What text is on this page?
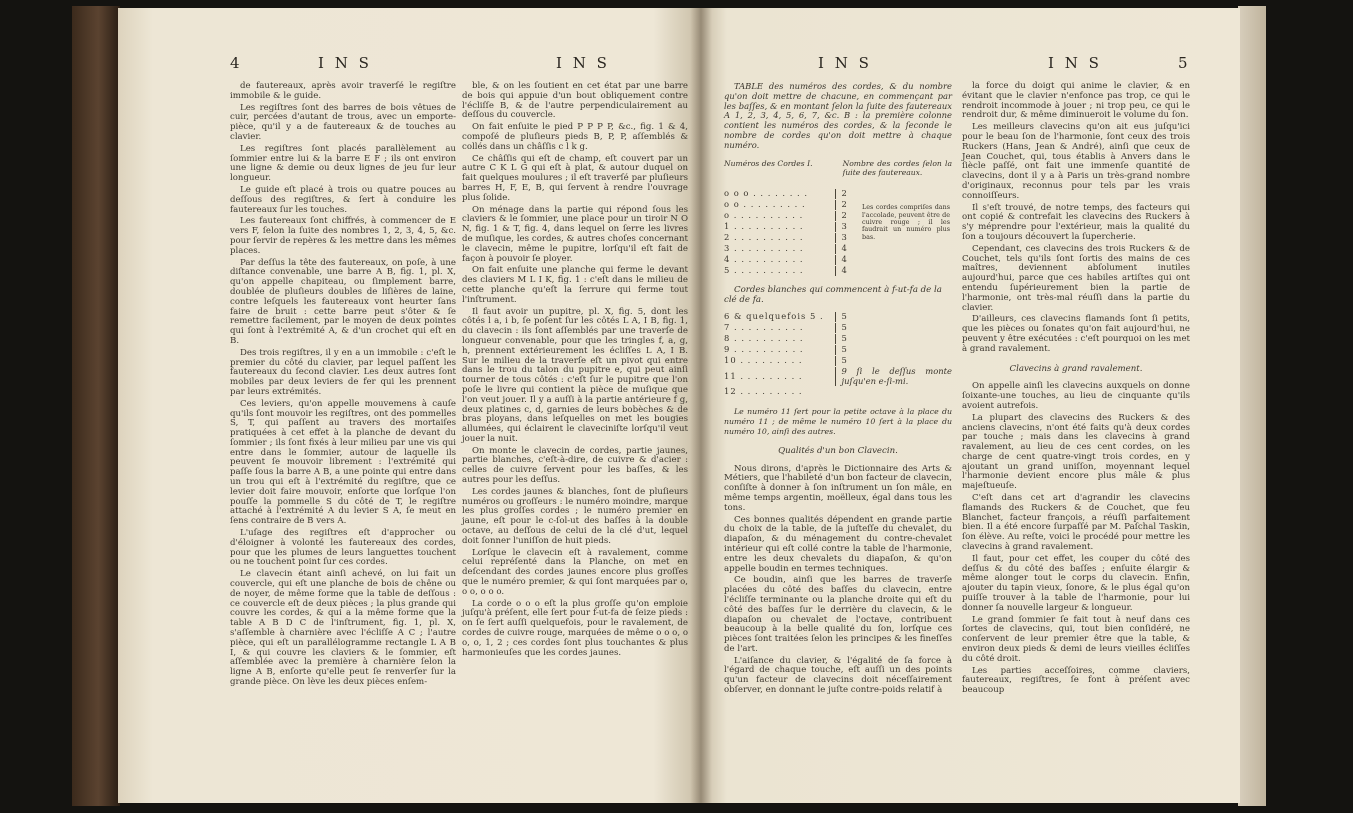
4	I N S	I N S

de fautereaux, après avoir traverſé le regiſtre immobile & le guide.

Les regiſtres ſont des barres de bois vêtues de cuir, percées d'autant de trous, avec un emporte-pièce, qu'il y a de fautereaux & de touches au clavier.

Les regiſtres ſont placés parallèlement au ſommier entre lui & la barre E F ; ils ont environ une ligne & demie ou deux lignes de jeu ſur leur longueur.

Le guide eſt placé à trois ou quatre pouces au deſſous des regiſtres, & ſert à conduire les fautereaux ſur les touches.

Les fautereaux ſont chiffrés, à commencer de E vers F, ſelon la ſuite des nombres 1, 2, 3, 4, 5, &c. pour ſervir de repères & les mettre dans les mêmes places.

Par deſſus la tête des fautereaux, on poſe, à une diſtance convenable, une barre A B, fig. 1, pl. X, qu'on appelle chapiteau, ou ſimplement barre, doublée de pluſieurs doubles de liſières de laine, contre leſquels les fautereaux vont heurter ſans faire de bruit : cette barre peut s'ôter & ſe remettre facilement, par le moyen de deux pointes qui ſont à l'extrémité A, & d'un crochet qui eſt en B.

Des trois regiſtres, il y en a un immobile : c'eſt le premier du côté du clavier, par lequel paſſent les fautereaux du ſecond clavier. Les deux autres ſont mobiles par deux leviers de fer qui les prennent par leurs extrémités.

Ces leviers, qu'on appelle mouvemens à cauſe qu'ils ſont mouvoir les regiſtres, ont des pommelles S, T, qui paſſent au travers des mortaiſes pratiquées à cet effet à la planche de devant du ſommier ; ils ſont fixés à leur milieu par une vis qui entre dans le ſommier, autour de laquelle ils peuvent ſe mouvoir librement : l'extrémité qui paſſe ſous la barre A B, a une pointe qui entre dans un trou qui eſt à l'extrémité du regiſtre, que ce levier doit faire mouvoir, enſorte que lorſque l'on pouſſe la pommelle S du côté de T, le regiſtre attaché à l'extrémité A du levier S A, ſe meut en ſens contraire de B vers A.

L'uſage des regiſtres eſt d'approcher ou d'éloigner à volonté les fautereaux des cordes, pour que les plumes de leurs languettes touchent ou ne touchent point ſur ces cordes.

Le clavecin étant ainſi achevé, on lui fait un couvercle, qui eſt une planche de bois de chêne ou de noyer, de même forme que la table de deſſous : ce couvercle eſt de deux pièces ; la plus grande qui couvre les cordes, & qui a la même forme que la table A B D C de l'inſtrument, fig. 1, pl. X, s'aſſemble à charnière avec l'écliſſe A C ; l'autre pièce, qui eſt un parallélogramme rectangle L A B I, & qui couvre les claviers & le ſommier, eſt aſſemblée avec la première à charnière ſelon la ligne A B, enſorte qu'elle peut ſe renverſer ſur la grande pièce. On lève les deux pièces enſem-

ble, & on les ſoutient en cet état par une barre de bois qui appuie d'un bout obliquement contre l'écliſſe B, & de l'autre perpendiculairement au deſſous du couvercle.

On fait enſuite le pied P P P P, &c., fig. 1 & 4, compoſé de pluſieurs pieds B, P, P, aſſemblés & collés dans un châſſis c l k g.

Ce châſſis qui eſt de champ, eſt couvert par un autre C K L G qui eſt à plat, & autour duquel on fait quelques moulures ; il eſt traverſé par pluſieurs barres H, F, E, B, qui ſervent à rendre l'ouvrage plus ſolide.

On ménage dans la partie qui répond ſous les claviers & le ſommier, une place pour un tiroir N O N, fig. 1 & T, fig. 4, dans lequel on ſerre les livres de muſique, les cordes, & autres choſes concernant le clavecin, même le pupitre, lorſqu'il eſt fait de façon à pouvoir ſe ployer.

On fait enſuite une planche qui ferme le devant des claviers M L I K, fig. 1 : c'eſt dans le milieu de cette planche qu'eſt la ſerrure qui ferme tout l'inſtrument.

Il faut avoir un pupitre, pl. X, fig. 5, dont les côtés l a, i b, ſe poſent ſur les côtés L A, I B, fig. 1, du clavecin : ils ſont aſſemblés par une traverſe de longueur convenable, pour que les tringles f, a, g, h, prennent extérieurement les écliſſes L A, I B. Sur le milieu de la traverſe eſt un pivot qui entre dans le trou du talon du pupitre e, qui peut ainſi tourner de tous côtés : c'eſt ſur le pupitre que l'on poſe le livre qui contient la pièce de muſique que l'on veut jouer. Il y a auſſi à la partie antérieure f g, deux platines c, d, garnies de leurs bobèches & de bras ployans, dans leſquelles on met les bougies allumées, qui éclairent le claveciniſte lorſqu'il veut jouer la nuit.

On monte le clavecin de cordes, partie jaunes, partie blanches, c'eſt-à-dire, de cuivre & d'acier : celles de cuivre ſervent pour les baſſes, & les autres pour les deſſus.

Les cordes jaunes & blanches, ſont de pluſieurs numéros ou groſſeurs : le numéro moindre, marque les plus groſſes cordes ; le numéro premier en jaune, eſt pour le c-ſol-ut des baſſes à la double octave, au deſſous de celui de la clé d'ut, lequel doit ſonner l'uniſſon de huit pieds.

Lorſque le clavecin eſt à ravalement, comme celui repréſenté dans la Planche, on met en deſcendant des cordes jaunes encore plus groſſes que le numéro premier, & qui ſont marquées par o, o o, o o o.

La corde o o o eſt la plus groſſe qu'on emploie juſqu'à préſent, elle ſert pour f-ut-fa de ſeize pieds : on ſe ſert auſſi quelquefois, pour le ravalement, de cordes de cuivre rouge, marquées de même o o o, o o, o, 1, 2 ; ces cordes ſont plus touchantes & plus harmonieuſes que les cordes jaunes.

I N S	I N S	5
TABLE des numéros des cordes, & du nombre qu'on doit mettre de chacune, en commençant par les baſſes, & en montant ſelon la ſuite des fautereaux A 1, 2, 3, 4, 5, 6, 7, &c. B : la première colonne contient les numéros des cordes, & la ſeconde le nombre de cordes qu'on doit mettre à chaque numéro.
Numéros des Cordes I.	Nombre des cordes ſelon la ſuite des fautereaux.
o o o . . . . . . . .	2
o o . . . . . . . . .	2
o . . . . . . . . . .	2
1 . . . . . . . . . .	3
2 . . . . . . . . . .	3
3 . . . . . . . . . .	4
4 . . . . . . . . . .	4
5 . . . . . . . . . .	4
Les cordes compriſes dans l'accolade, peuvent être de cuivre rouge ; il les faudrait un numéro plus bas.
Cordes blanches qui commencent à f-ut-fa de la clé de fa.
6 & quelquefois 5 .	5
7 . . . . . . . . . .	5
8 . . . . . . . . . .	5
9 . . . . . . . . . .	5
10 . . . . . . . . .	5
11 . . . . . . . . .	9 ſi le deſſus monte juſqu'en e-ſi-mi.
12 . . . . . . . . .

Le numéro 11 ſert pour la petite octave à la place du numéro 11 ; de même le numéro 10 ſert à la place du numéro 10, ainſi des autres.

Qualités d'un bon Clavecin.

Nous dirons, d'après le Dictionnaire des Arts & Métiers, que l'habileté d'un bon facteur de clavecin, conſiſte à donner à ſon inſtrument un ſon mâle, en même temps argentin, moëlleux, égal dans tous les tons.

Ces bonnes qualités dépendent en grande partie du choix de la table, de la juſteſſe du chevalet, du diapaſon, & du ménagement du contre-chevalet intérieur qui eſt collé contre la table de l'harmonie, entre les deux chevalets du diapaſon, & qu'on appelle boudin en termes techniques.

Ce boudin, ainſi que les barres de traverſe placées du côté des baſſes du clavecin, entre l'écliſſe terminante ou la planche droite qui eſt du côté des baſſes ſur le derrière du clavecin, & le diapaſon ou chevalet de l'octave, contribuent beaucoup à la belle qualité du ſon, lorſque ces pièces ſont traitées ſelon les principes & les fineſſes de l'art.

L'aiſance du clavier, & l'égalité de ſa force à l'égard de chaque touche, eſt auſſi un des points qu'un facteur de clavecins doit néceſſairement obſerver, en donnant le juſte contre-poids relatif à

la force du doigt qui anime le clavier, & en évitant que le clavier n'enfonce pas trop, ce qui le rendroit incommode à jouer ; ni trop peu, ce qui le rendroit dur, & même diminueroit le volume du ſon.

Les meilleurs clavecins qu'on ait eus juſqu'ici pour le beau ſon de l'harmonie, ſont ceux des trois Ruckers (Hans, Jean & André), ainſi que ceux de Jean Couchet, qui, tous établis à Anvers dans le ſiècle paſſé, ont fait une immenſe quantité de clavecins, dont il y a à Paris un très-grand nombre d'originaux, reconnus pour tels par les vrais connoiſſeurs.

Il s'eſt trouvé, de notre temps, des facteurs qui ont copié & contrefait les clavecins des Ruckers à s'y méprendre pour l'extérieur, mais la qualité du ſon a toujours découvert la ſupercherie.

Cependant, ces clavecins des trois Ruckers & de Couchet, tels qu'ils ſont ſortis des mains de ces maîtres, deviennent abſolument inutiles aujourd'hui, parce que ces habiles artiſtes qui ont entendu ſupérieurement bien la partie de l'harmonie, ont très-mal réuſſi dans la partie du clavier.

D'ailleurs, ces clavecins flamands ſont ſi petits, que les pièces ou ſonates qu'on fait aujourd'hui, ne peuvent y être exécutées : c'eſt pourquoi on les met à grand ravalement.

Clavecins à grand ravalement.

On appelle ainſi les clavecins auxquels on donne ſoixante-une touches, au lieu de cinquante qu'ils avoient autrefois.

La plupart des clavecins des Ruckers & des anciens clavecins, n'ont été faits qu'à deux cordes par touche ; mais dans les clavecins à grand ravalement, au lieu de ces cent cordes, on les charge de cent quatre-vingt trois cordes, en y ajoutant un grand uniſſon, moyennant lequel l'harmonie devient encore plus mâle & plus majeſtueuſe.

C'eſt dans cet art d'agrandir les clavecins flamands des Ruckers & de Couchet, que feu Blanchet, facteur françois, a réuſſi parfaitement bien. Il a été encore ſurpaſſé par M. Paſchal Taskin, ſon élève. Au reſte, voici le procédé pour mettre les clavecins à grand ravalement.

Il faut, pour cet effet, les couper du côté des deſſus & du côté des baſſes ; enſuite élargir & même alonger tout le corps du clavecin. Enfin, ajouter du tapin vieux, ſonore, & le plus égal qu'on puiſſe trouver à la table de l'harmonie, pour lui donner ſa nouvelle largeur & longueur.

Le grand ſommier ſe fait tout à neuf dans ces ſortes de clavecins, qui, tout bien conſidéré, ne conſervent de leur premier être que la table, & environ deux pieds & demi de leurs vieilles écliſſes du côté droit.

Les parties acceſſoires, comme claviers, fautereaux, regiſtres, ſe font à préſent avec beaucoup
